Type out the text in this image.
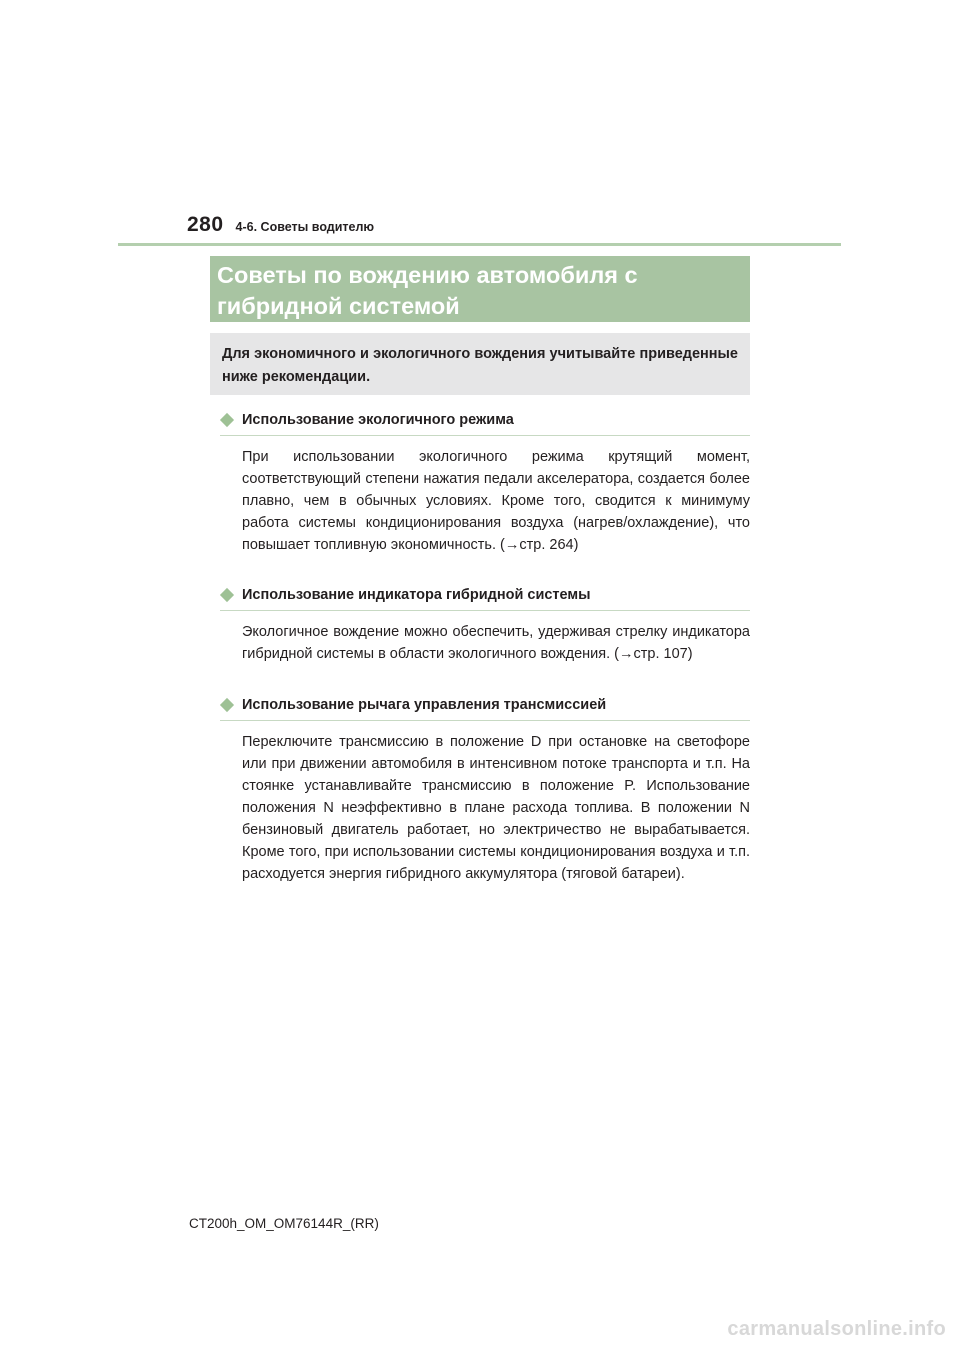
280 4-6. Советы водителю
Советы по вождению автомобиля с гибридной системой
Для экономичного и экологичного вождения учитывайте приведенные ниже рекомендации.
Использование экологичного режима
При использовании экологичного режима крутящий момент, соответствующий степени нажатия педали акселератора, создается более плавно, чем в обычных условиях. Кроме того, сводится к минимуму работа системы кондиционирования воздуха (нагрев/охлаждение), что повышает топливную экономичность. (→стр. 264)
Использование индикатора гибридной системы
Экологичное вождение можно обеспечить, удерживая стрелку индикатора гибридной системы в области экологичного вождения. (→стр. 107)
Использование рычага управления трансмиссией
Переключите трансмиссию в положение D при остановке на светофоре или при движении автомобиля в интенсивном потоке транспорта и т.п. На стоянке устанавливайте трансмиссию в положение P. Использование положения N неэффективно в плане расхода топлива. В положении N бензиновый двигатель работает, но электричество не вырабатывается. Кроме того, при использовании системы кондиционирования воздуха и т.п. расходуется энергия гибридного аккумулятора (тяговой батареи).
CT200h_OM_OM76144R_(RR)
carmanualsonline.info
